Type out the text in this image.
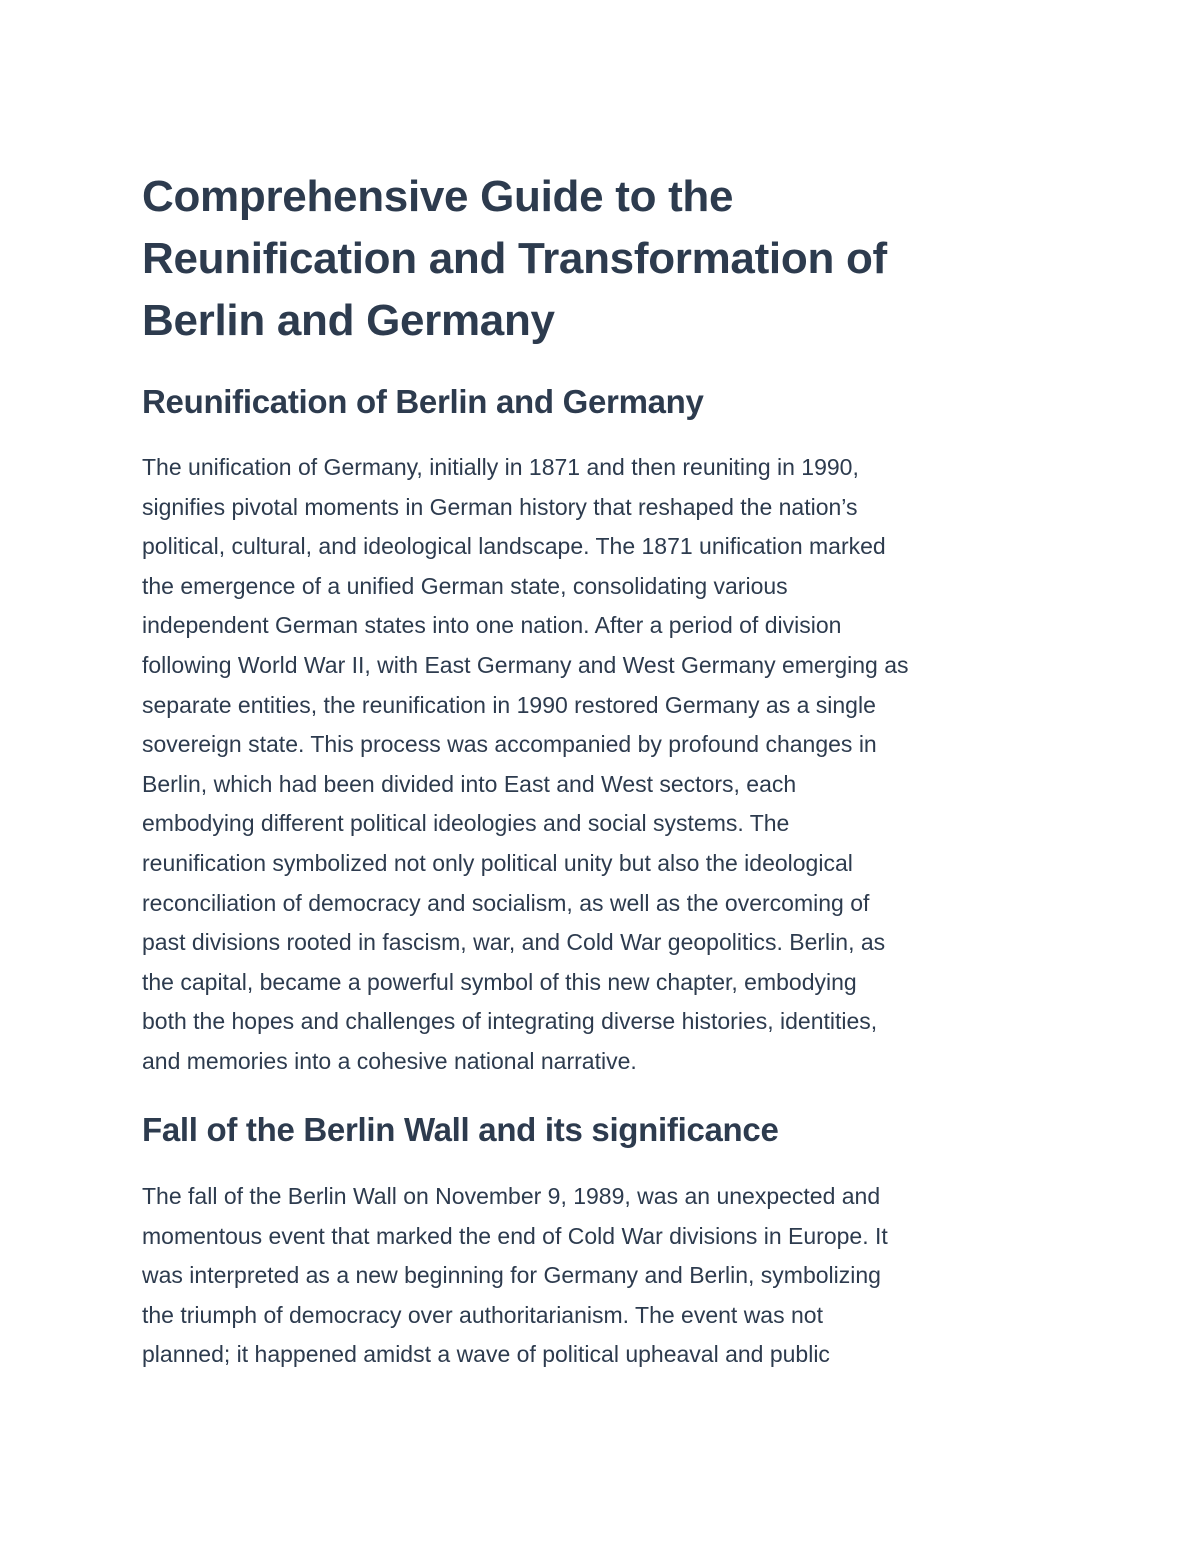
Comprehensive Guide to the
Reunification and Transformation of
Berlin and Germany
Reunification of Berlin and Germany
The unification of Germany, initially in 1871 and then reuniting in 1990,
signifies pivotal moments in German history that reshaped the nation’s
political, cultural, and ideological landscape. The 1871 unification marked
the emergence of a unified German state, consolidating various
independent German states into one nation. After a period of division
following World War II, with East Germany and West Germany emerging as
separate entities, the reunification in 1990 restored Germany as a single
sovereign state. This process was accompanied by profound changes in
Berlin, which had been divided into East and West sectors, each
embodying different political ideologies and social systems. The
reunification symbolized not only political unity but also the ideological
reconciliation of democracy and socialism, as well as the overcoming of
past divisions rooted in fascism, war, and Cold War geopolitics. Berlin, as
the capital, became a powerful symbol of this new chapter, embodying
both the hopes and challenges of integrating diverse histories, identities,
and memories into a cohesive national narrative.
Fall of the Berlin Wall and its significance
The fall of the Berlin Wall on November 9, 1989, was an unexpected and
momentous event that marked the end of Cold War divisions in Europe. It
was interpreted as a new beginning for Germany and Berlin, symbolizing
the triumph of democracy over authoritarianism. The event was not
planned; it happened amidst a wave of political upheaval and public
